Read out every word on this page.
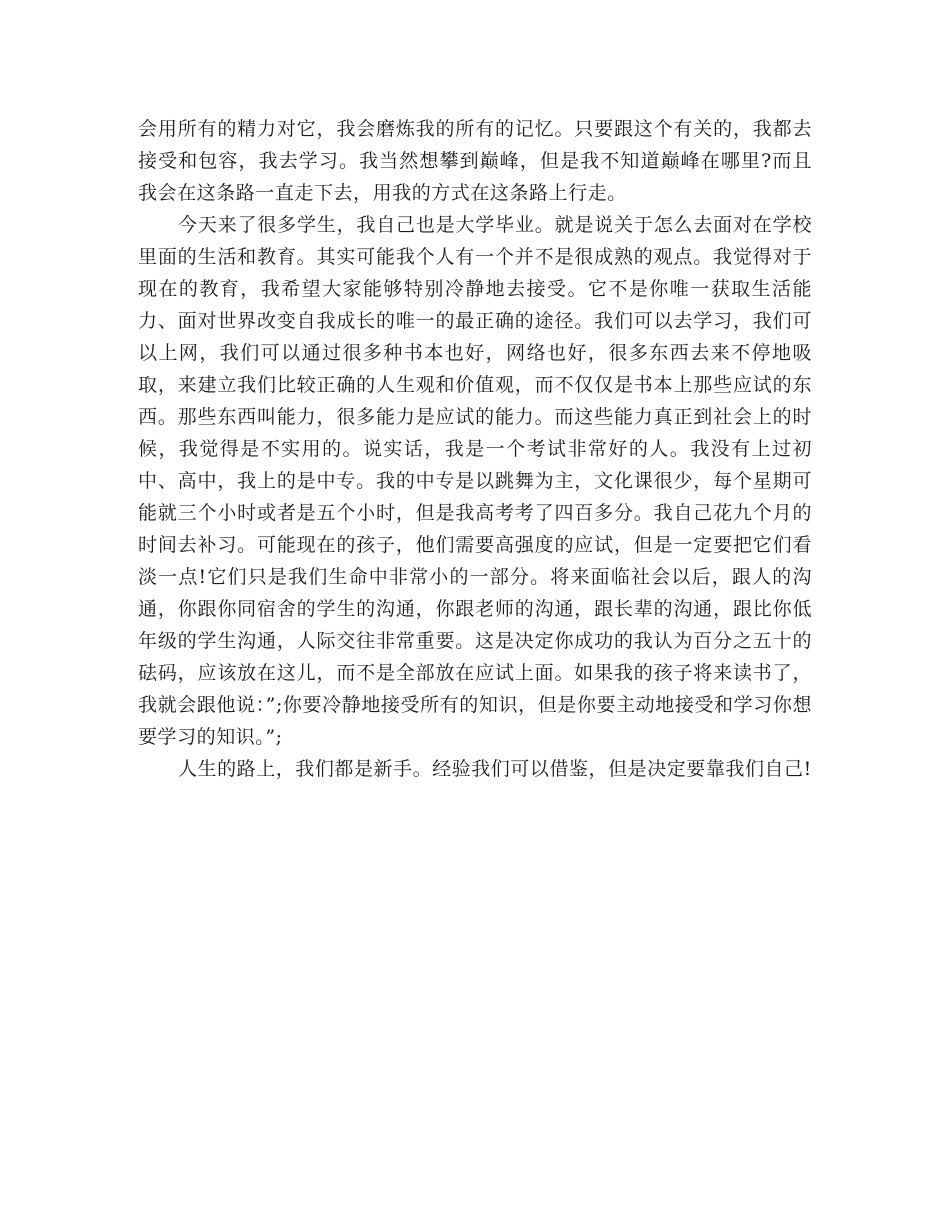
会用所有的精力对它，我会磨炼我的所有的记忆。只要跟这个有关的，我都去接受和包容，我去学习。我当然想攀到巅峰，但是我不知道巅峰在哪里?而且我会在这条路一直走下去，用我的方式在这条路上行走。

今天来了很多学生，我自己也是大学毕业。就是说关于怎么去面对在学校里面的生活和教育。其实可能我个人有一个并不是很成熟的观点。我觉得对于现在的教育，我希望大家能够特别冷静地去接受。它不是你唯一获取生活能力、面对世界改变自我成长的唯一的最正确的途径。我们可以去学习，我们可以上网，我们可以通过很多种书本也好，网络也好，很多东西去来不停地吸取，来建立我们比较正确的人生观和价值观，而不仅仅是书本上那些应试的东西。那些东西叫能力，很多能力是应试的能力。而这些能力真正到社会上的时候，我觉得是不实用的。说实话，我是一个考试非常好的人。我没有上过初中、高中，我上的是中专。我的中专是以跳舞为主，文化课很少，每个星期可能就三个小时或者是五个小时，但是我高考考了四百多分。我自己花九个月的时间去补习。可能现在的孩子，他们需要高强度的应试，但是一定要把它们看淡一点!它们只是我们生命中非常小的一部分。将来面临社会以后，跟人的沟通，你跟你同宿舍的学生的沟通，你跟老师的沟通，跟长辈的沟通，跟比你低年级的学生沟通，人际交往非常重要。这是决定你成功的我认为百分之五十的砝码，应该放在这儿，而不是全部放在应试上面。如果我的孩子将来读书了，我就会跟他说：”;你要冷静地接受所有的知识，但是你要主动地接受和学习你想要学习的知识。”;

人生的路上，我们都是新手。经验我们可以借鉴，但是决定要靠我们自己!
